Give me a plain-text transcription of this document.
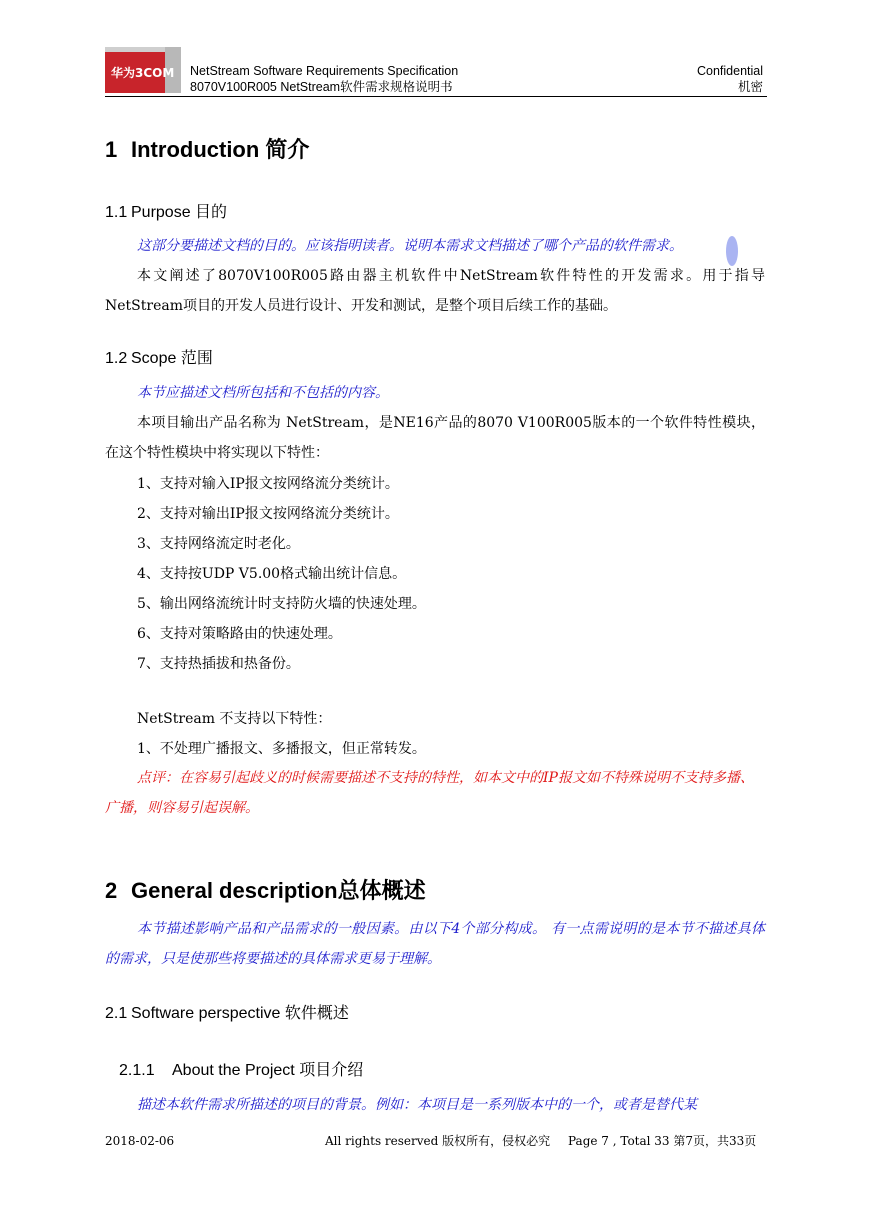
华为3COM NetStream Software Requirements Specification
8070V100R005 NetStream软件需求规格说明书
Confidential
机密
1 Introduction 简介
1.1 Purpose 目的
这部分要描述文档的目的。应该指明读者。说明本需求文档描述了哪个产品的软件需求。
本文阐述了8070V100R005路由器主机软件中NetStream软件特性的开发需求。用于指导NetStream项目的开发人员进行设计、开发和测试，是整个项目后续工作的基础。
1.2 Scope 范围
本节应描述文档所包括和不包括的内容。
本项目输出产品名称为 NetStream，是NE16产品的8070 V100R005版本的一个软件特性模块，在这个特性模块中将实现以下特性：
1、支持对输入IP报文按网络流分类统计。
2、支持对输出IP报文按网络流分类统计。
3、支持网络流定时老化。
4、支持按UDP V5.00格式输出统计信息。
5、输出网络流统计时支持防火墙的快速处理。
6、支持对策略路由的快速处理。
7、支持热插拔和热备份。
NetStream 不支持以下特性：
1、不处理广播报文、多播报文，但正常转发。
点评：在容易引起歧义的时候需要描述不支持的特性，如本文中的IP报文如不特殊说明不支持多播、广播，则容易引起误解。
2 General description总体概述
本节描述影响产品和产品需求的一般因素。由以下4个部分构成。 有一点需说明的是本节不描述具体的需求，只是使那些将要描述的具体需求更易于理解。
2.1 Software perspective 软件概述
2.1.1 About the Project 项目介绍
描述本软件需求所描述的项目的背景。例如：本项目是一系列版本中的一个，或者是替代某
2018-02-06	All rights reserved 版权所有，侵权必究 Page 7 , Total 33 第7页，共33页
